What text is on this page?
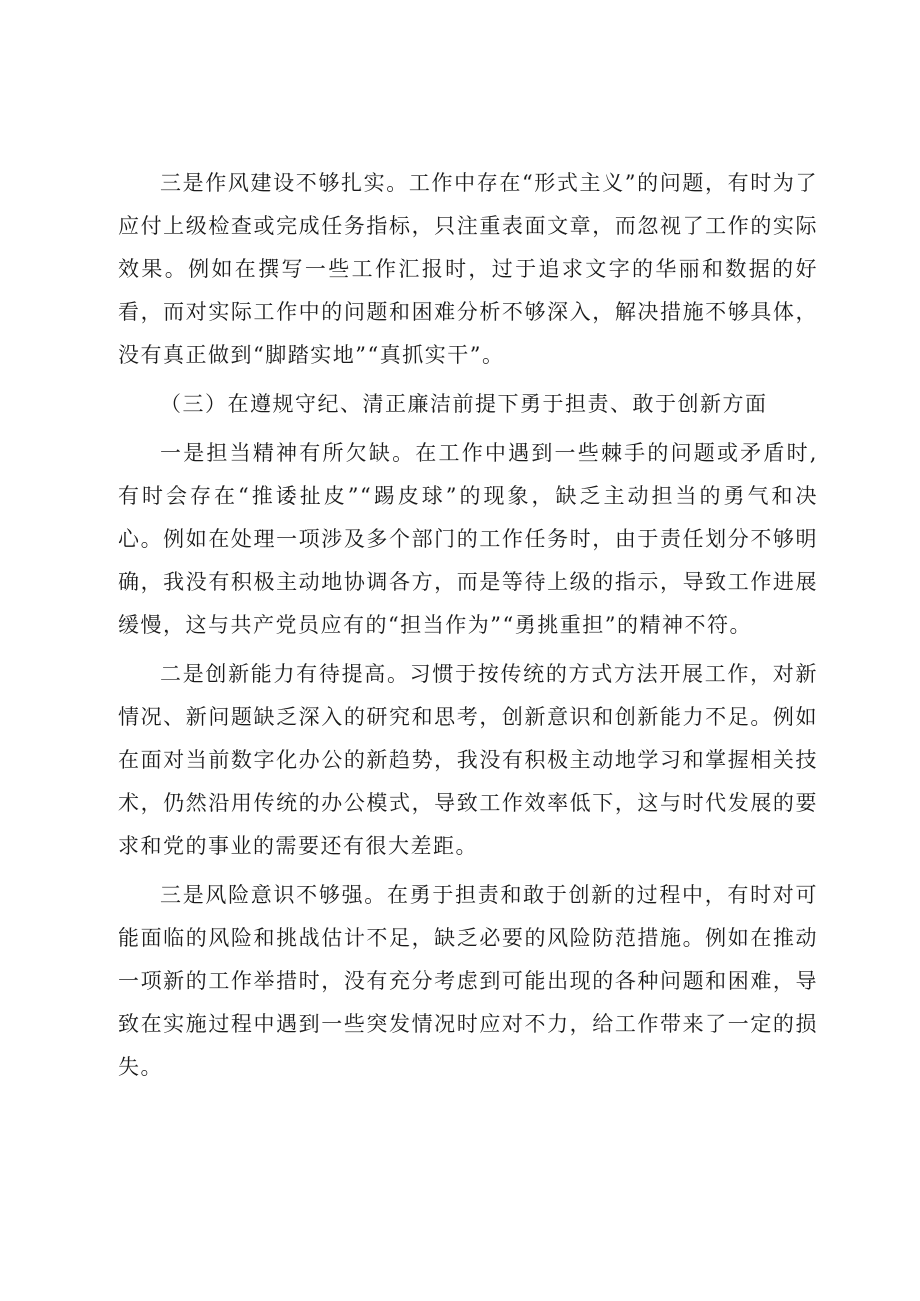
三是作风建设不够扎实。工作中存在“形式主义”的问题，有时为了应付上级检查或完成任务指标，只注重表面文章，而忽视了工作的实际效果。例如在撰写一些工作汇报时，过于追求文字的华丽和数据的好看，而对实际工作中的问题和困难分析不够深入，解决措施不够具体，没有真正做到“脚踏实地”“真抓实干”。

（三）在遵规守纪、清正廉洁前提下勇于担责、敢于创新方面

一是担当精神有所欠缺。在工作中遇到一些棘手的问题或矛盾时,有时会存在“推诿扯皮”“踢皮球”的现象，缺乏主动担当的勇气和决心。例如在处理一项涉及多个部门的工作任务时，由于责任划分不够明确，我没有积极主动地协调各方，而是等待上级的指示，导致工作进展缓慢，这与共产党员应有的“担当作为”“勇挑重担”的精神不符。

二是创新能力有待提高。习惯于按传统的方式方法开展工作，对新情况、新问题缺乏深入的研究和思考，创新意识和创新能力不足。例如在面对当前数字化办公的新趋势，我没有积极主动地学习和掌握相关技术，仍然沿用传统的办公模式，导致工作效率低下，这与时代发展的要求和党的事业的需要还有很大差距。

三是风险意识不够强。在勇于担责和敢于创新的过程中，有时对可能面临的风险和挑战估计不足，缺乏必要的风险防范措施。例如在推动一项新的工作举措时，没有充分考虑到可能出现的各种问题和困难，导致在实施过程中遇到一些突发情况时应对不力，给工作带来了一定的损失。
